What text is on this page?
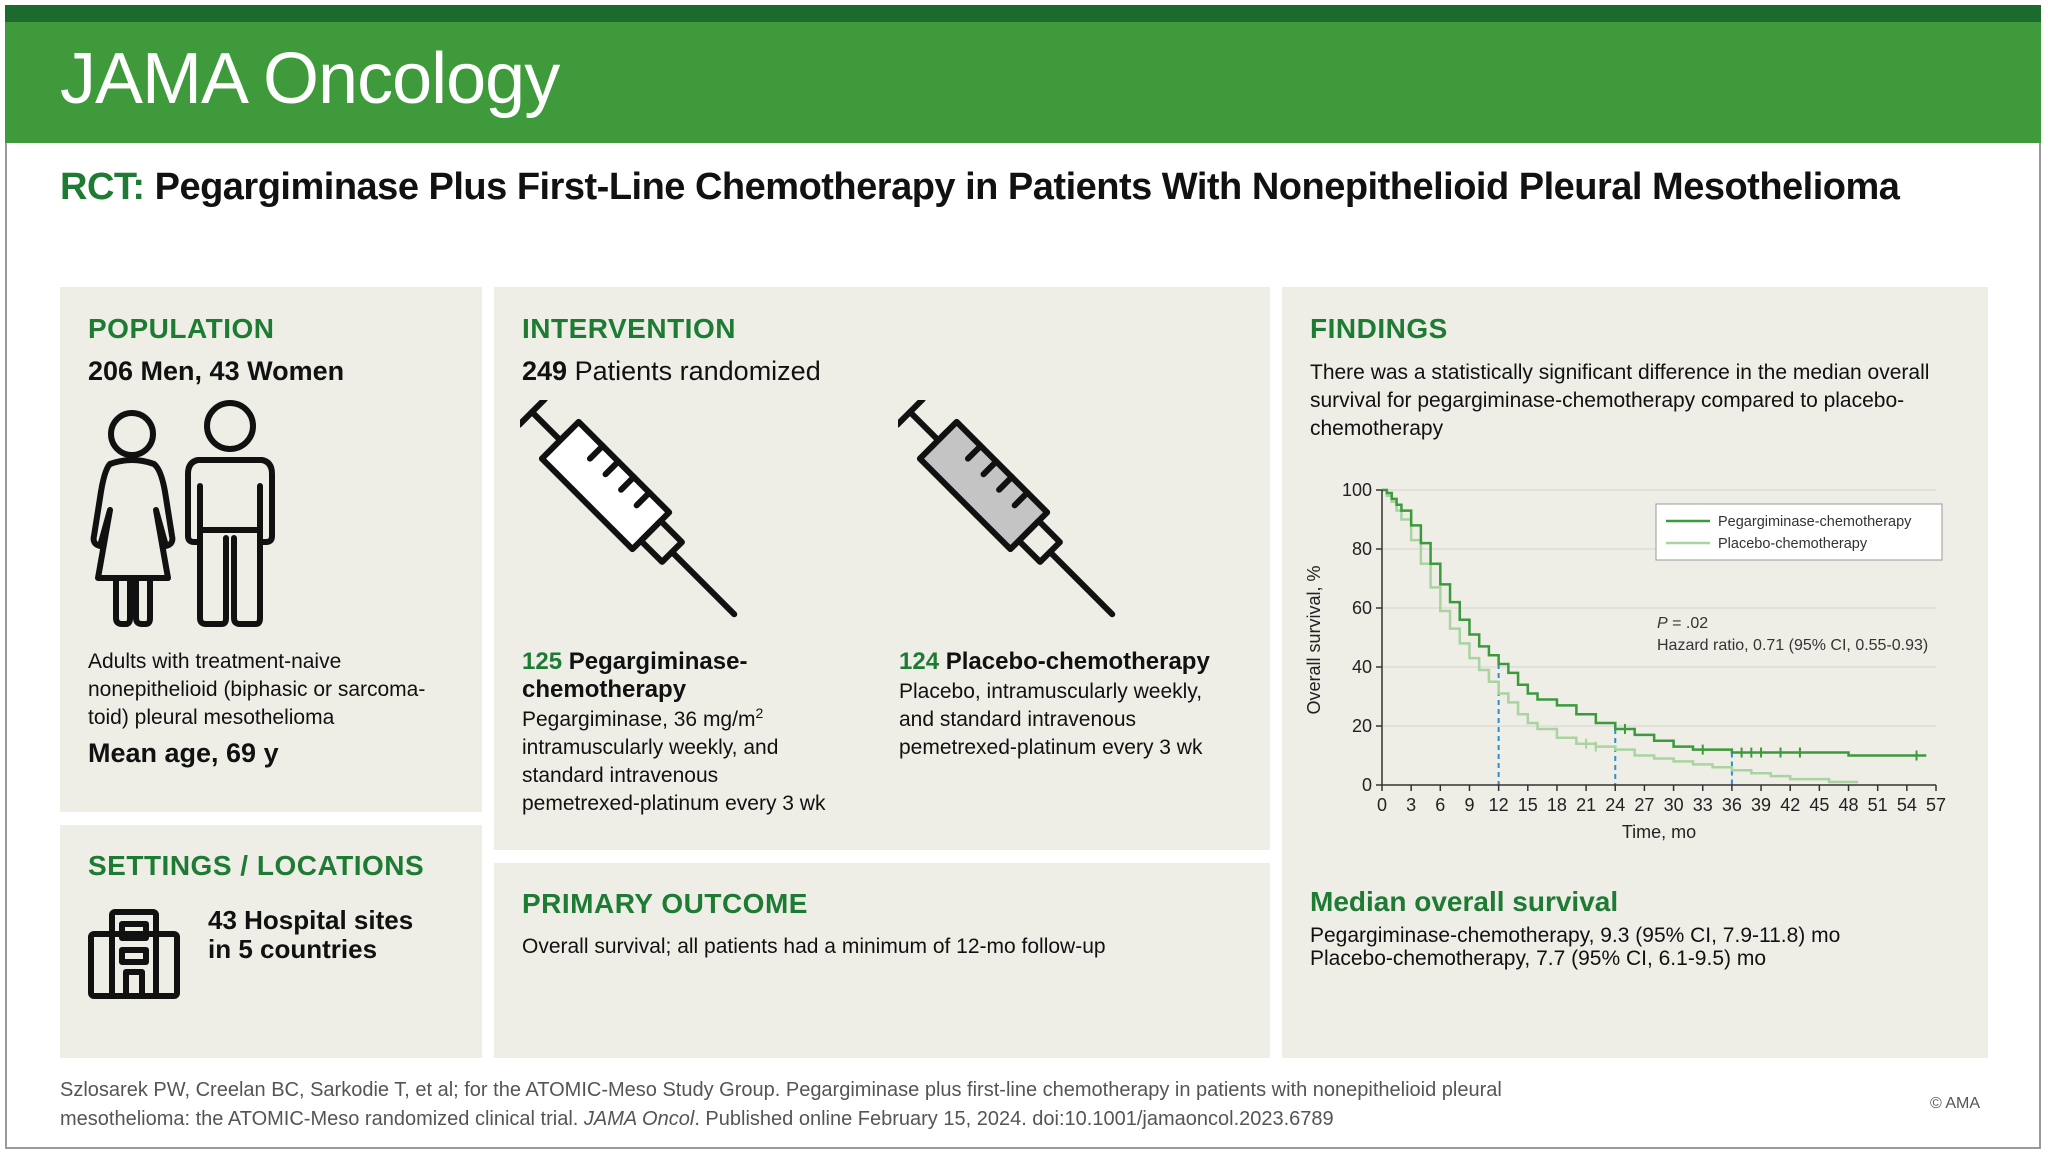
JAMA Oncology
RCT: Pegargiminase Plus First-Line Chemotherapy in Patients With Nonepithelioid Pleural Mesothelioma
POPULATION
206 Men, 43 Women
Adults with treatment-naive
nonepithelioid (biphasic or sarcoma-
toid) pleural mesothelioma
Mean age, 69 y
SETTINGS / LOCATIONS
43 Hospital sites
in 5 countries
INTERVENTION
249 Patients randomized
125 Pegargiminase-
chemotherapy
Pegargiminase, 36 $mg/m^2$
intramuscularly weekly, and
standard intravenous
pemetrexed-platinum every 3 wk
124 Placebo-chemotherapy
Placebo, intramuscularly weekly,
and standard intravenous
pemetrexed-platinum every 3 wk
PRIMARY OUTCOME
Overall survival; all patients had a minimum of 12-mo follow-up
FINDINGS
There was a statistically significant difference in the median overall
survival for pegargiminase-chemotherapy compared to placebo-
chemotherapy
0 3 6 9 12 15 18 21 24 27 30 33 36 39 42 45 48 51 54 57
0
20
40
60
80
100
Overall survival, %
Time, mo
P = .02
Hazard ratio, 0.71 (95% CI, 0.55-0.93)
Pegargiminase-chemotherapy
Placebo-chemotherapy
Median overall survival
Pegargiminase-chemotherapy, 9.3 (95% CI, 7.9-11.8) mo
Placebo-chemotherapy, 7.7 (95% CI, 6.1-9.5) mo
Szlosarek PW, Creelan BC, Sarkodie T, et al; for the ATOMIC-Meso Study Group. Pegargiminase plus first-line chemotherapy in patients with nonepithelioid pleural
mesothelioma: the ATOMIC-Meso randomized clinical trial. JAMA Oncol. Published online February 15, 2024. doi:10.1001/jamaoncol.2023.6789
© AMA
